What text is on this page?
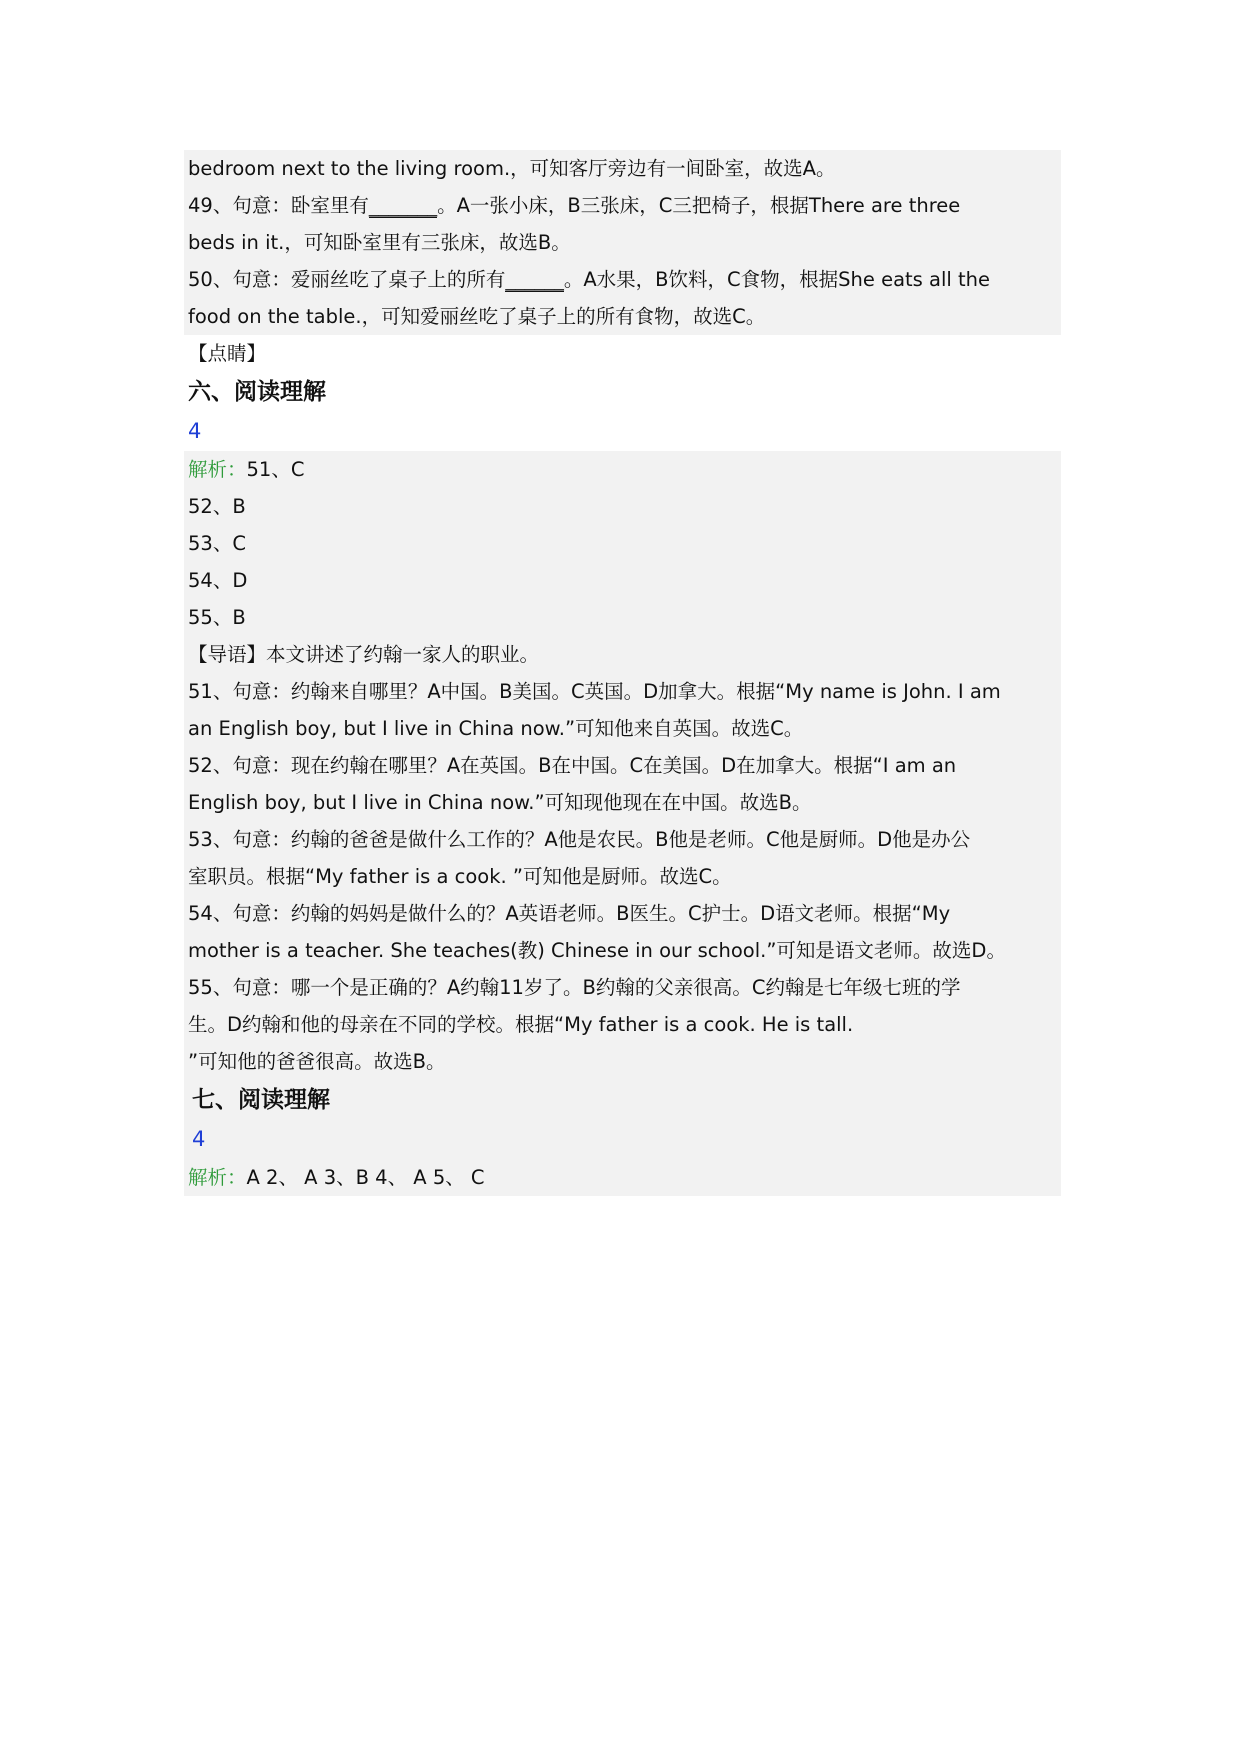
bedroom next to the living room.，可知客厅旁边有一间卧室，故选A。
49、句意：卧室里有_______。A一张小床，B三张床，C三把椅子，根据There are three
beds in it.，可知卧室里有三张床，故选B。
50、句意：爱丽丝吃了桌子上的所有______。A水果，B饮料，C食物，根据She eats all the
food on the table.，可知爱丽丝吃了桌子上的所有食物，故选C。
【点睛】
六、阅读理解
4
解析：51、C
52、B
53、C
54、D
55、B
【导语】本文讲述了约翰一家人的职业。
51、句意：约翰来自哪里？A中国。B美国。C英国。D加拿大。根据“My name is John. I am
an English boy, but I live in China now.”可知他来自英国。故选C。
52、句意：现在约翰在哪里？A在英国。B在中国。C在美国。D在加拿大。根据“I am an
English boy, but I live in China now.”可知现他现在在中国。故选B。
53、句意：约翰的爸爸是做什么工作的？A他是农民。B他是老师。C他是厨师。D他是办公
室职员。根据“My father is a cook. ”可知他是厨师。故选C。
54、句意：约翰的妈妈是做什么的？A英语老师。B医生。C护士。D语文老师。根据“My
mother is a teacher. She teaches(教) Chinese in our school.”可知是语文老师。故选D。
55、句意：哪一个是正确的？A约翰11岁了。B约翰的父亲很高。C约翰是七年级七班的学
生。D约翰和他的母亲在不同的学校。根据“My father is a cook. He is tall.
”可知他的爸爸很高。故选B。
七、阅读理解
4
解析：A 2、 A 3、B 4、 A 5、 C
